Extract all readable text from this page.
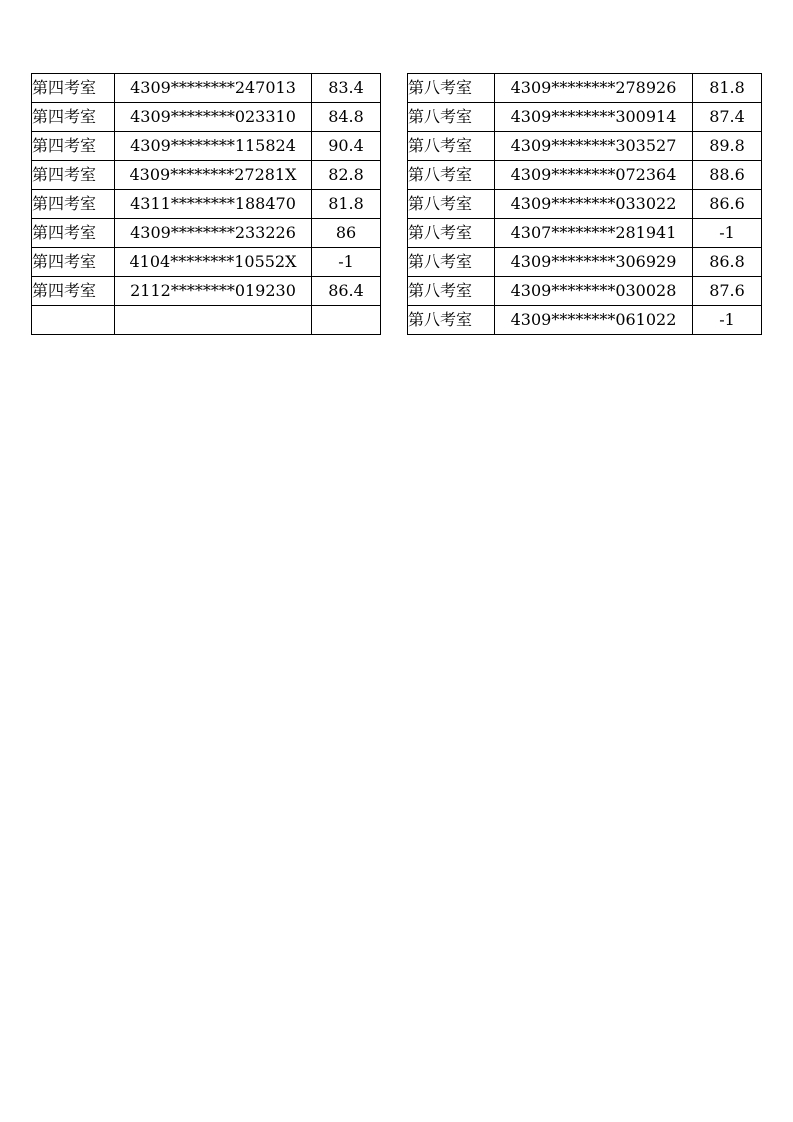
第四考室	4309********247013	83.4
第四考室	4309********023310	84.8
第四考室	4309********115824	90.4
第四考室	4309********27281X	82.8
第四考室	4311********188470	81.8
第四考室	4309********233226	86
第四考室	4104********10552X	-1
第四考室	2112********019230	86.4

第八考室	4309********278926	81.8
第八考室	4309********300914	87.4
第八考室	4309********303527	89.8
第八考室	4309********072364	88.6
第八考室	4309********033022	86.6
第八考室	4307********281941	-1
第八考室	4309********306929	86.8
第八考室	4309********030028	87.6
第八考室	4309********061022	-1
